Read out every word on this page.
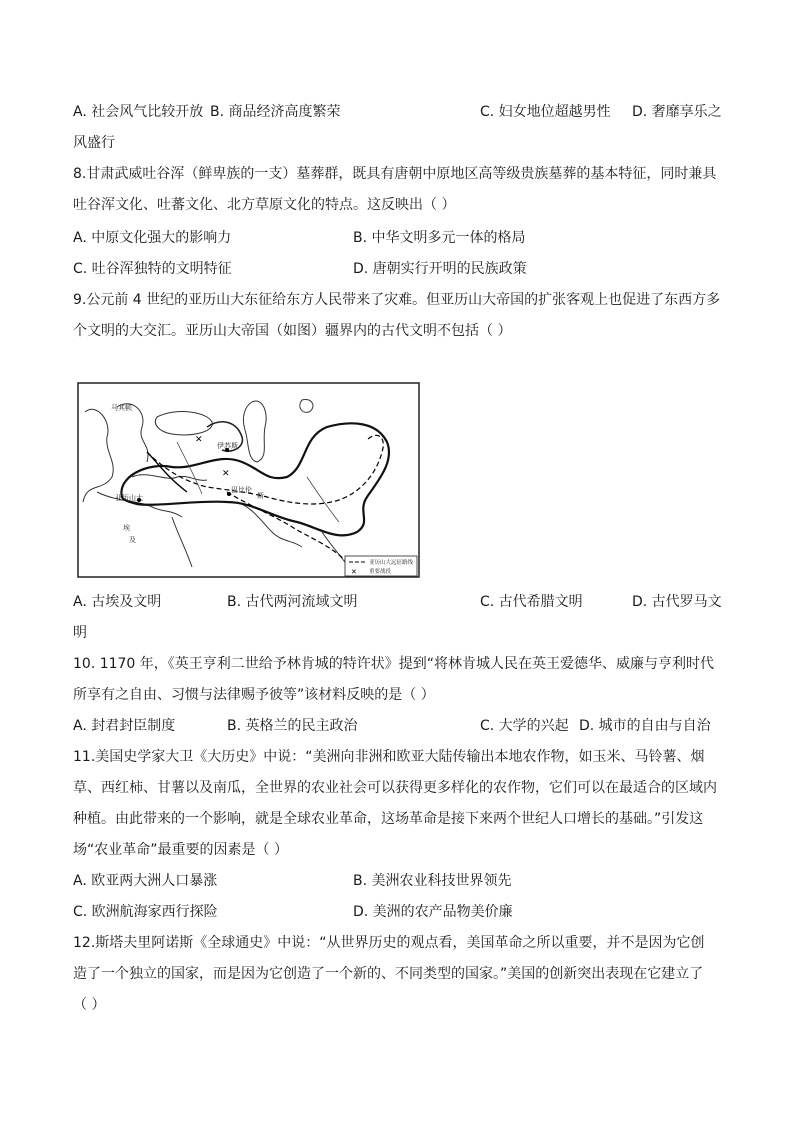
A. 社会风气比较开放 B. 商品经济高度繁荣	C. 妇女地位超越男性 D. 奢靡享乐之
风盛行
8.甘肃武威吐谷浑（鲜卑族的一支）墓葬群，既具有唐朝中原地区高等级贵族墓葬的基本特征，同时兼具
吐谷浑文化、吐蕃文化、北方草原文化的特点。这反映出（ ）
A. 中原文化强大的影响力	B. 中华文明多元一体的格局
C. 吐谷浑独特的文明特征	D. 唐朝实行开明的民族政策
9.公元前 4 世纪的亚历山大东征给东方人民带来了灾难。但亚历山大帝国的扩张客观上也促进了东西方多
个文明的大交汇。亚历山大帝国（如图）疆界内的古代文明不包括（ ）
✕
✕
马其顿
亚历山大
伊苏斯
巴比伦
斯
埃
及
亚历山大远征路线
✕ 重要战役
A. 古埃及文明	B. 古代两河流域文明	C. 古代希腊文明	D. 古代罗马文
明
10. 1170 年，《英王亨利二世给予林肯城的特许状》提到“将林肯城人民在英王爱德华、威廉与亨利时代
所享有之自由、习惯与法律赐予彼等”该材料反映的是（ ）
A. 封君封臣制度	B. 英格兰的民主政治	C. 大学的兴起 D. 城市的自由与自治
11.美国史学家大卫《大历史》中说：“美洲向非洲和欧亚大陆传输出本地农作物，如玉米、马铃薯、烟
草、西红柿、甘薯以及南瓜，全世界的农业社会可以获得更多样化的农作物，它们可以在最适合的区域内
种植。由此带来的一个影响，就是全球农业革命，这场革命是接下来两个世纪人口增长的基础。”引发这
场“农业革命”最重要的因素是（ ）
A. 欧亚两大洲人口暴涨	B. 美洲农业科技世界领先
C. 欧洲航海家西行探险	D. 美洲的农产品物美价廉
12.斯塔夫里阿诺斯《全球通史》中说：“从世界历史的观点看，美国革命之所以重要，并不是因为它创
造了一个独立的国家，而是因为它创造了一个新的、不同类型的国家。”美国的创新突出表现在它建立了
（ ）
